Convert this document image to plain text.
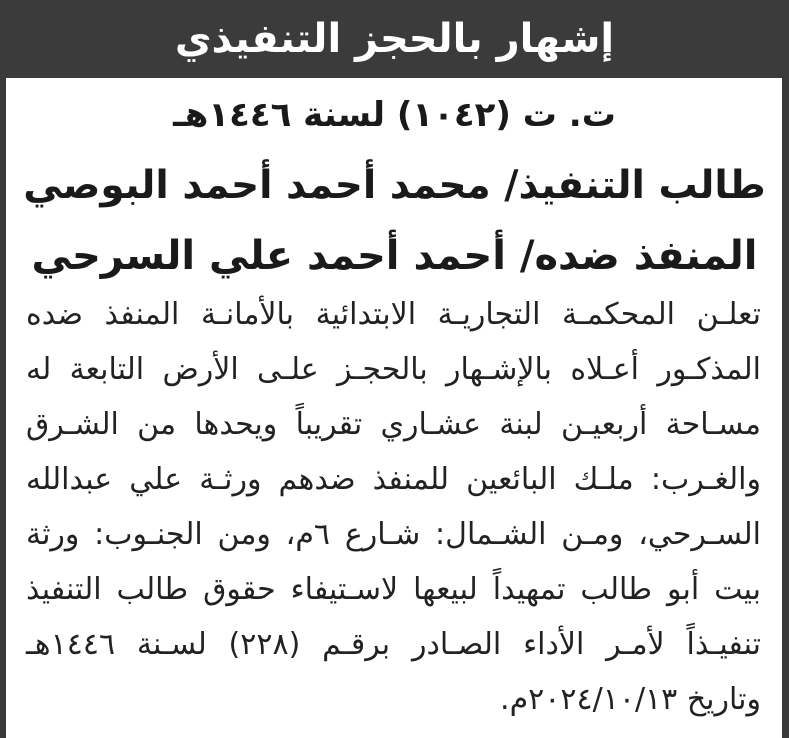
إشهار بالحجز التنفيذي
ت. ت (١٠٤٢) لسنة ١٤٤٦هـ
طالب التنفيذ/ محمد أحمد أحمد البوصي
المنفذ ضده/ أحمد أحمد علي السرحي
تعلـن المحكمـة التجاريـة الابتدائية بالأمانـة المنفذ ضده
المذكـور أعـلاه بالإشـهار بالحجـز علـى الأرض التابعة له
مسـاحة أربعيـن لبنة عشـاري تقريباً ويحدها من الشـرق
والغـرب: ملـك البائعين للمنفذ ضدهم ورثـة علي عبدالله
السـرحي، ومـن الشـمال: شـارع ٦م، ومن الجنـوب: ورثة
بيت أبو طالب تمهيداً لبيعها لاسـتيفاء حقوق طالب التنفيذ
تنفيـذاً لأمـر الأداء الصـادر برقـم (٢٢٨) لسـنة ١٤٤٦هـ
وتاريخ ٢٠٢٤/١٠/١٣م.
